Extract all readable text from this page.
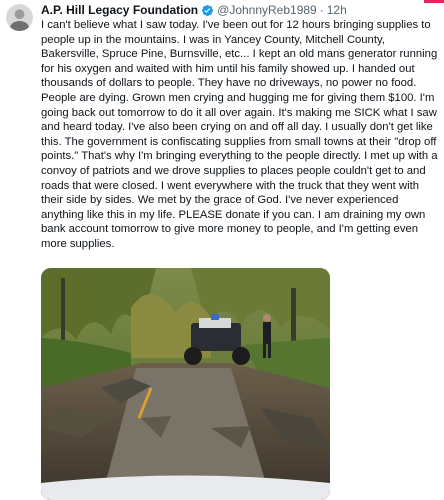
A.P. Hill Legacy Foundation @JohnnyReb1989 · 12h
I can't believe what I saw today. I've been out for 12 hours bringing supplies to people up in the mountains. I was in Yancey County, Mitchell County, Bakersville, Spruce Pine, Burnsville, etc... I kept an old mans generator running for his oxygen and waited with him until his family showed up. I handed out thousands of dollars to people. They have no driveways, no power no food. People are dying. Grown men crying and hugging me for giving them $100. I'm going back out tomorrow to do it all over again. It's making me SICK what I saw and heard today. I've also been crying on and off all day. I usually don't get like this. The government is confiscating supplies from small towns at their "drop off points." That's why I'm bringing everything to the people directly. I met up with a convoy of patriots and we drove supplies to places people couldn't get to and roads that were closed. I went everywhere with the truck that they went with their side by sides. We met by the grace of God. I've never experienced anything like this in my life. PLEASE donate if you can. I am draining my own bank account tomorrow to give more money to people, and I'm getting even more supplies.
